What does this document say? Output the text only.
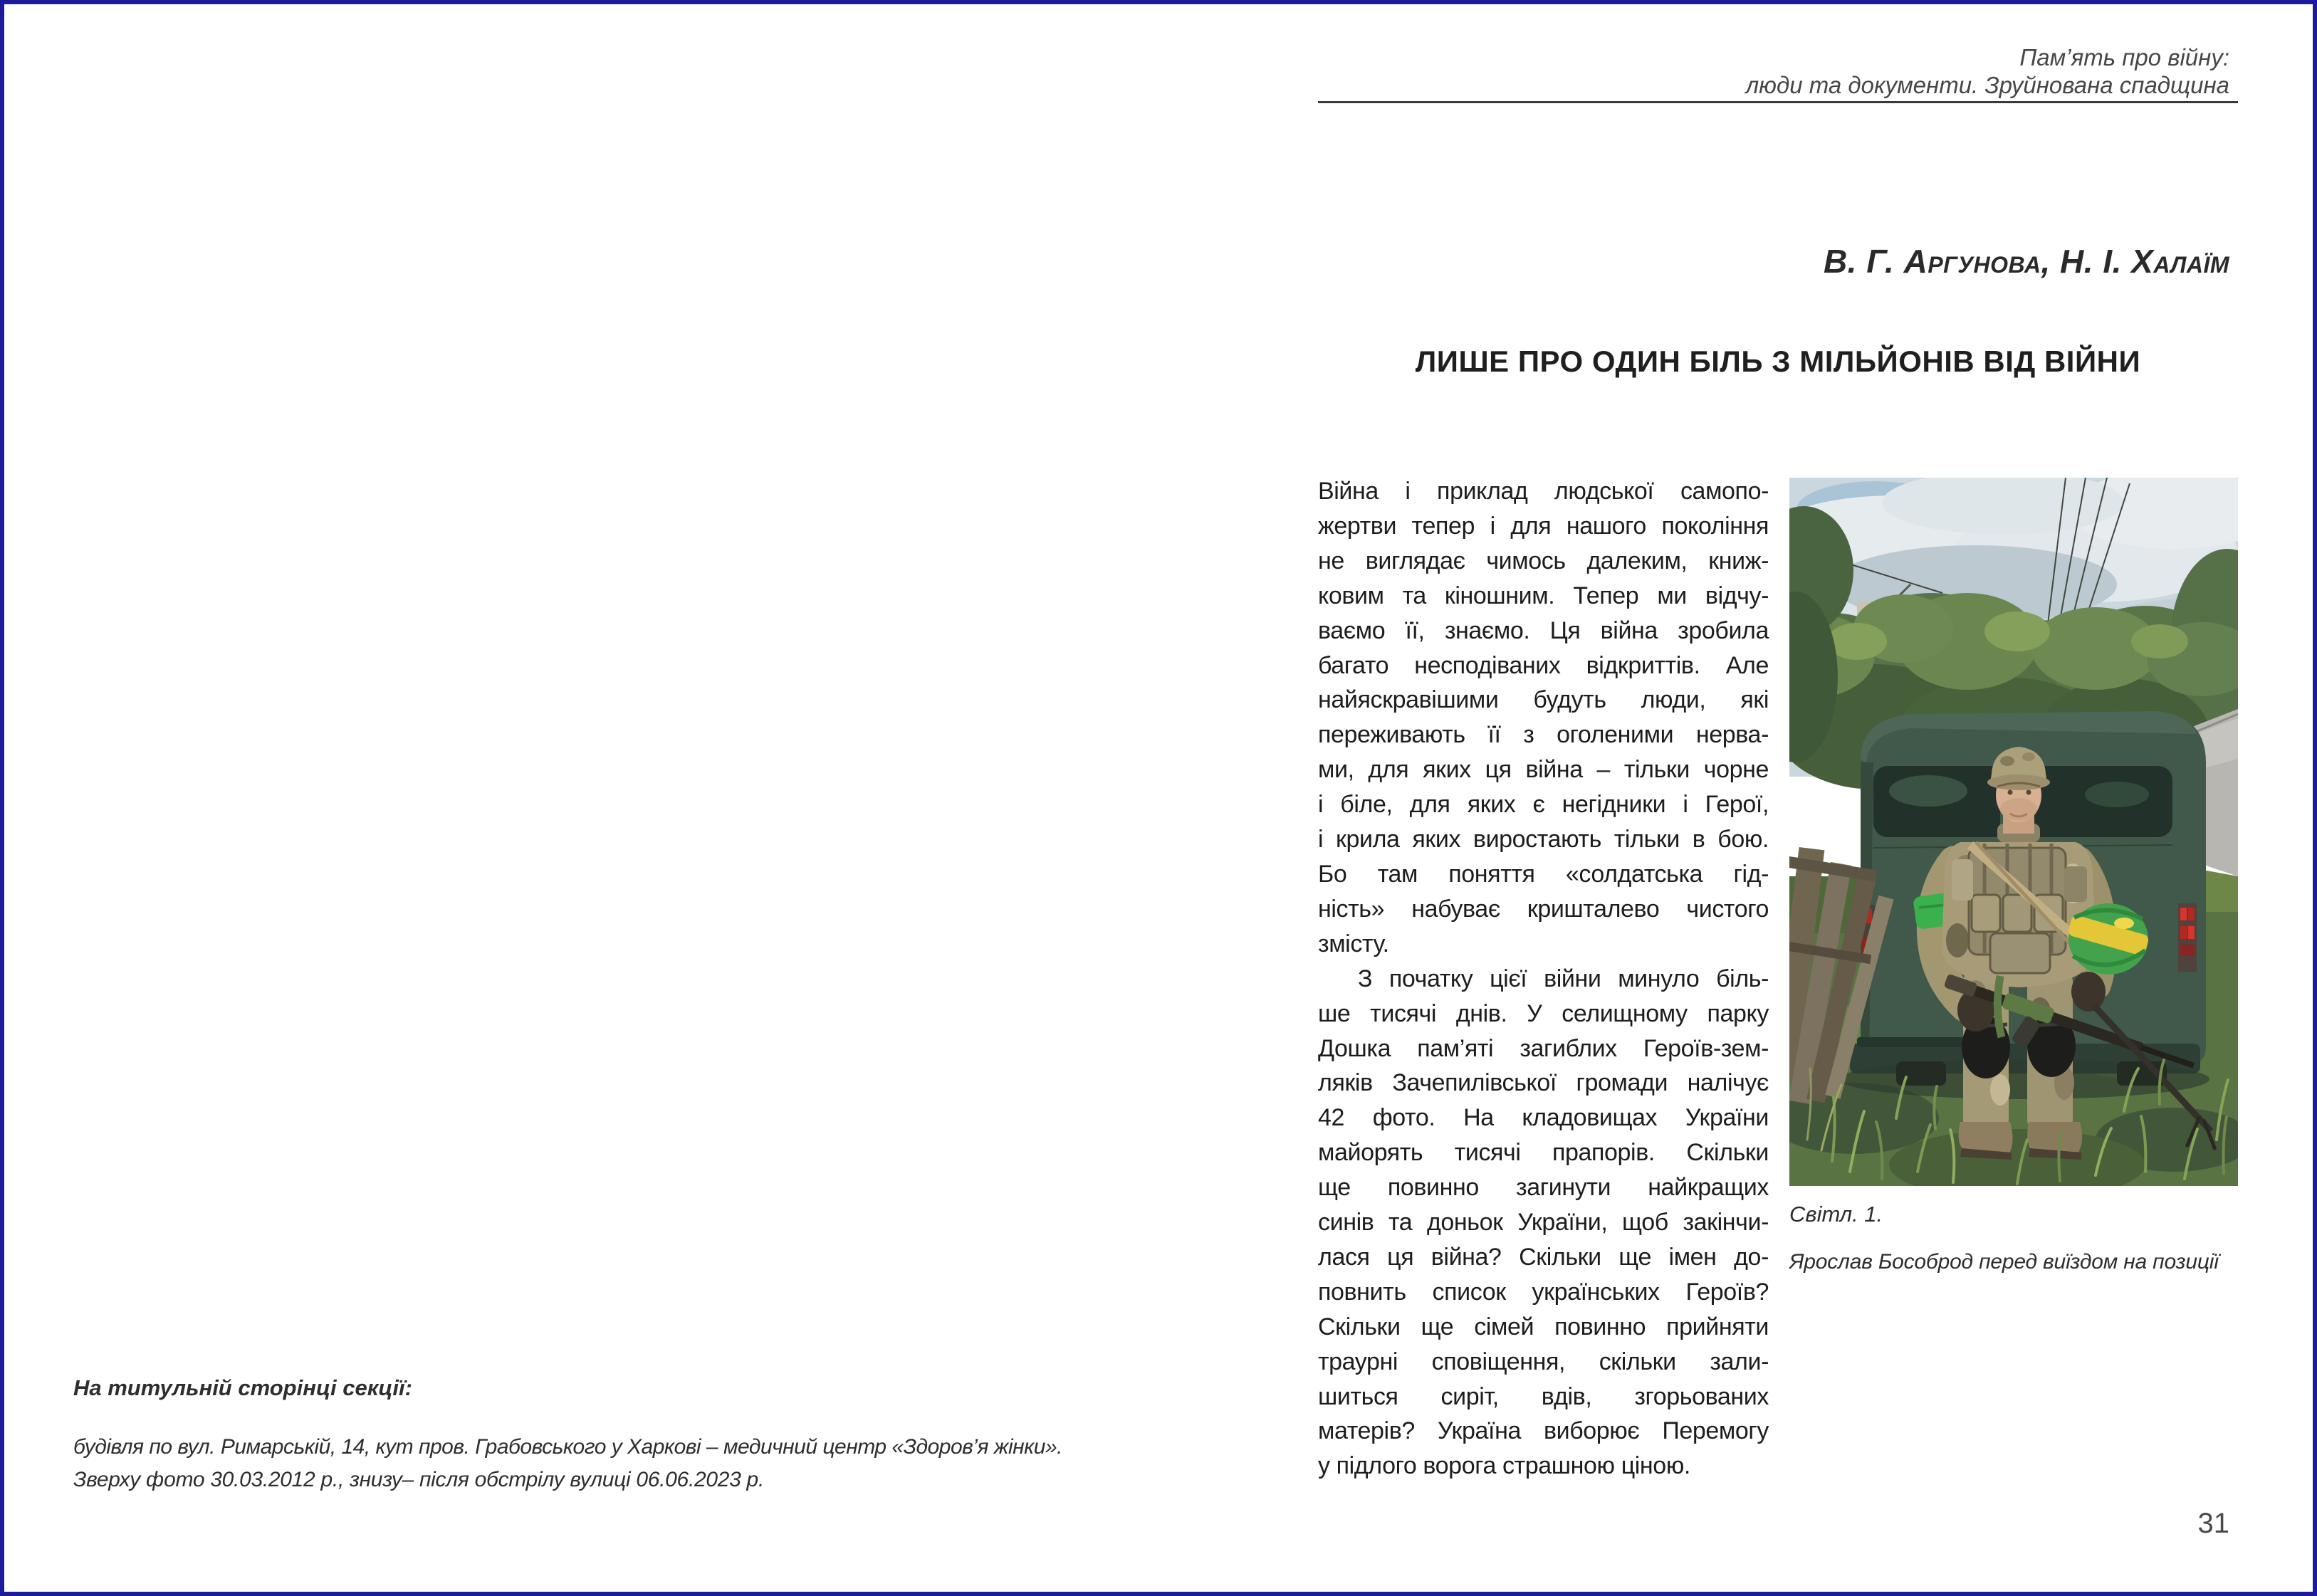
Пам’ять про війну:
люди та документи. Зруйнована спадщина
В. Г. Аргунова, Н. І. Халаїм
ЛИШЕ ПРО ОДИН БІЛЬ З МІЛЬЙОНІВ ВІД ВІЙНИ
Війна і приклад людської самопо-
жертви тепер і для нашого покоління
не виглядає чимось далеким, книж-
ковим та кіношним. Тепер ми відчу-
ваємо її, знаємо. Ця війна зробила
багато несподіваних відкриттів. Але
найяскравішими будуть люди, які
переживають її з оголеними нерва-
ми, для яких ця війна – тільки чорне
і біле, для яких є негідники і Герої,
і крила яких виростають тільки в бою.
Бо там поняття «солдатська гід-
ність» набуває кришталево чистого
змісту.
З початку цієї війни минуло біль-
ше тисячі днів. У селищному парку
Дошка пам’яті загиблих Героїв-зем-
ляків Зачепилівської громади налічує
42 фото. На кладовищах України
майорять тисячі прапорів. Скільки
ще повинно загинути найкращих
синів та доньок України, щоб закінчи-
лася ця війна? Скільки ще імен до-
повнить список українських Героїв?
Скільки ще сімей повинно прийняти
траурні сповіщення, скільки зали-
шиться сиріт, вдів, згорьованих
матерів? Україна виборює Перемогу
у підлого ворога страшною ціною.
Світл. 1.
Ярослав Бособрод перед виїздом на позиції
На титульній сторінці секції:
будівля по вул. Римарській, 14, кут пров. Грабовського у Харкові – медичний центр «Здоров’я жінки».
Зверху фото 30.03.2012 р., знизу– після обстрілу вулиці 06.06.2023 р.
31
